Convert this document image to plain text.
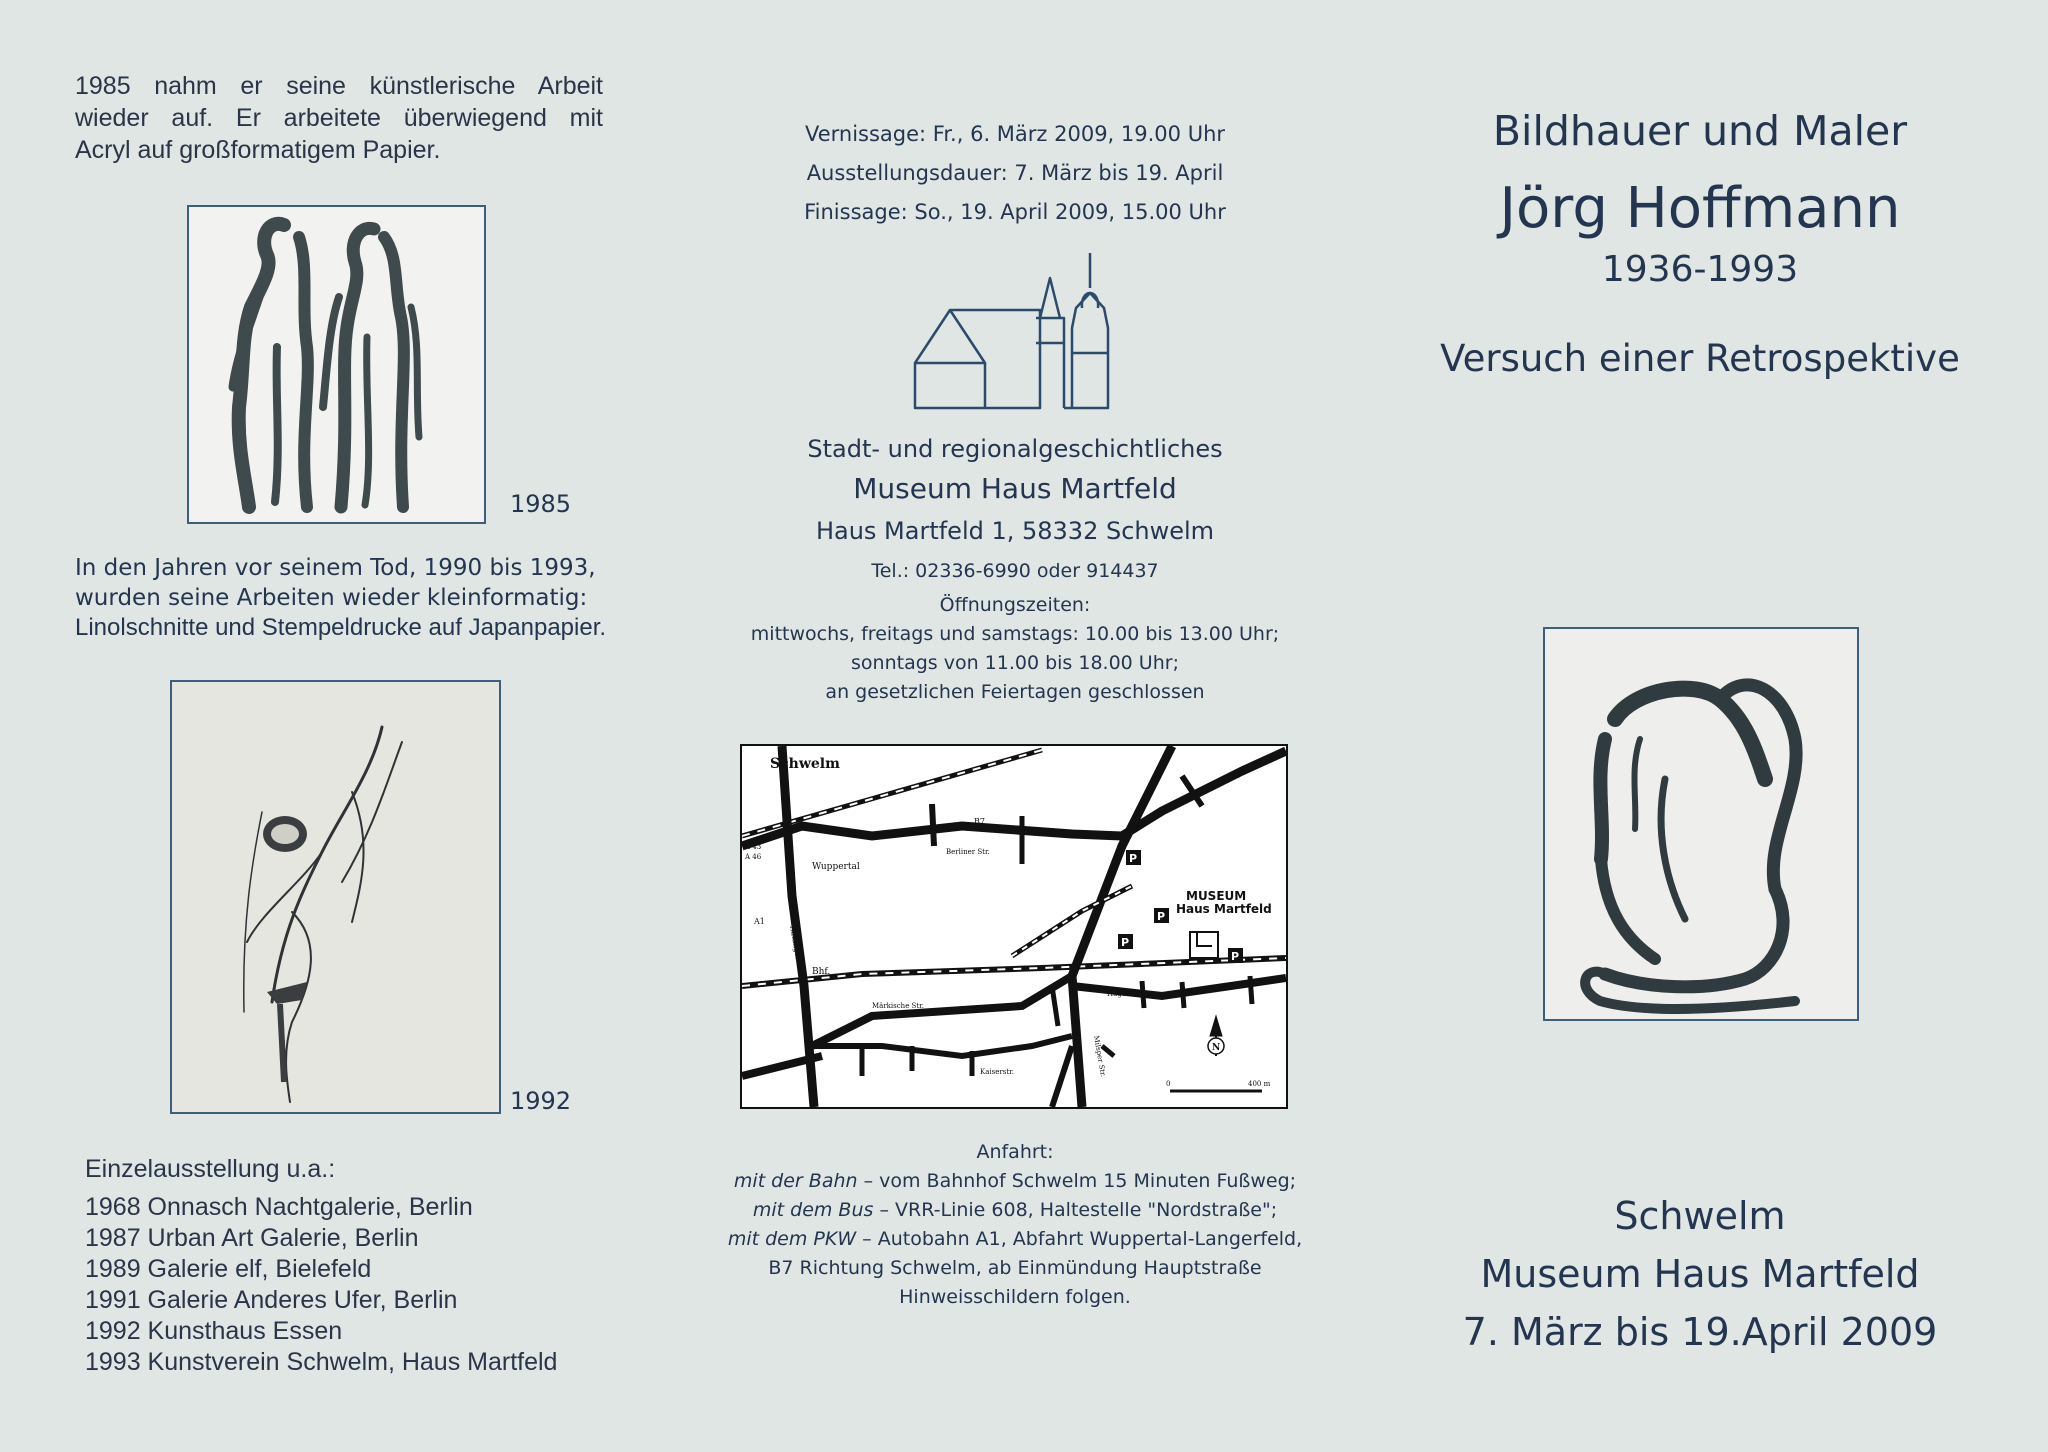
1985 nahm er seine künstlerische Arbeit
wieder auf. Er arbeitete überwiegend mit
Acryl auf großformatigem Papier.
1985
In den Jahren vor seinem Tod, 1990 bis 1993,
wurden seine Arbeiten wieder kleinformatig:
Linolschnitte und Stempeldrucke auf Japanpapier.
1992
Einzelausstellung u.a.:
1968 Onnasch Nachtgalerie, Berlin
1987 Urban Art Galerie, Berlin
1989 Galerie elf, Bielefeld
1991 Galerie Anderes Ufer, Berlin
1992 Kunsthaus Essen
1993 Kunstverein Schwelm, Haus Martfeld
Vernissage: Fr., 6. März 2009, 19.00 Uhr
Ausstellungsdauer: 7. März bis 19. April
Finissage: So., 19. April 2009, 15.00 Uhr
Stadt- und regionalgeschichtliches
Museum Haus Martfeld
Haus Martfeld 1, 58332 Schwelm
Tel.: 02336-6990 oder 914437
Öffnungszeiten:
mittwochs, freitags und samstags: 10.00 bis 13.00 Uhr;
sonntags von 11.00 bis 18.00 Uhr;
an gesetzlichen Feiertagen geschlossen
P
P
P
P
Schwelm
MUSEUM
Haus Martfeld
Wuppertal
B7
Berliner Str.
B 7 Hagen
A 43
A 46
A1
Hattinger Str. Bhf.
Märkische Str.
Kaiserstr.
Hagener Str.
Milsper Str.	N
0	400 m
Anfahrt:
mit der Bahn – vom Bahnhof Schwelm 15 Minuten Fußweg;
mit dem Bus – VRR-Linie 608, Haltestelle "Nordstraße";
mit dem PKW – Autobahn A1, Abfahrt Wuppertal-Langerfeld,
B7 Richtung Schwelm, ab Einmündung Hauptstraße
Hinweisschildern folgen.
Bildhauer und Maler
Jörg Hoffmann
1936-1993
Versuch einer Retrospektive
Schwelm
Museum Haus Martfeld
7. März bis 19.April 2009
